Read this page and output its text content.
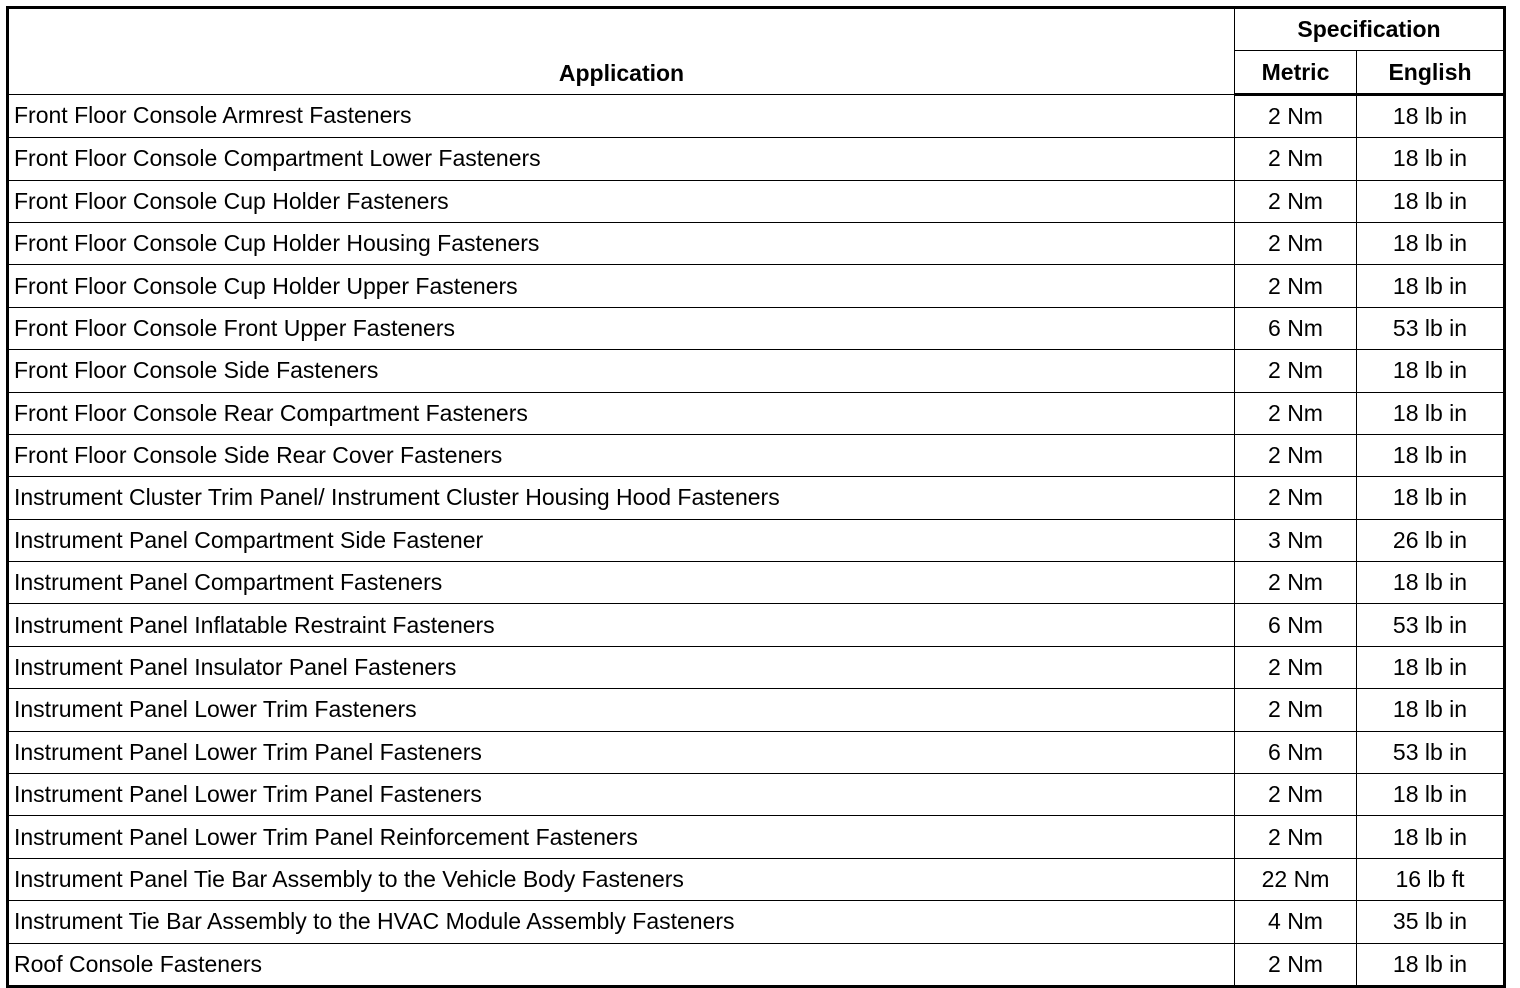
Application	Specification	
	Metric	English
Front Floor Console Armrest Fasteners	2 Nm	18 lb in
Front Floor Console Compartment Lower Fasteners	2 Nm	18 lb in
Front Floor Console Cup Holder Fasteners	2 Nm	18 lb in
Front Floor Console Cup Holder Housing Fasteners	2 Nm	18 lb in
Front Floor Console Cup Holder Upper Fasteners	2 Nm	18 lb in
Front Floor Console Front Upper Fasteners	6 Nm	53 lb in
Front Floor Console Side Fasteners	2 Nm	18 lb in
Front Floor Console Rear Compartment Fasteners	2 Nm	18 lb in
Front Floor Console Side Rear Cover Fasteners	2 Nm	18 lb in
Instrument Cluster Trim Panel/ Instrument Cluster Housing Hood Fasteners	2 Nm	18 lb in
Instrument Panel Compartment Side Fastener	3 Nm	26 lb in
Instrument Panel Compartment Fasteners	2 Nm	18 lb in
Instrument Panel Inflatable Restraint Fasteners	6 Nm	53 lb in
Instrument Panel Insulator Panel Fasteners	2 Nm	18 lb in
Instrument Panel Lower Trim Fasteners	2 Nm	18 lb in
Instrument Panel Lower Trim Panel Fasteners	6 Nm	53 lb in
Instrument Panel Lower Trim Panel Fasteners	2 Nm	18 lb in
Instrument Panel Lower Trim Panel Reinforcement Fasteners	2 Nm	18 lb in
Instrument Panel Tie Bar Assembly to the Vehicle Body Fasteners	22 Nm	16 lb ft
Instrument Tie Bar Assembly to the HVAC Module Assembly Fasteners	4 Nm	35 lb in
Roof Console Fasteners	2 Nm	18 lb in
